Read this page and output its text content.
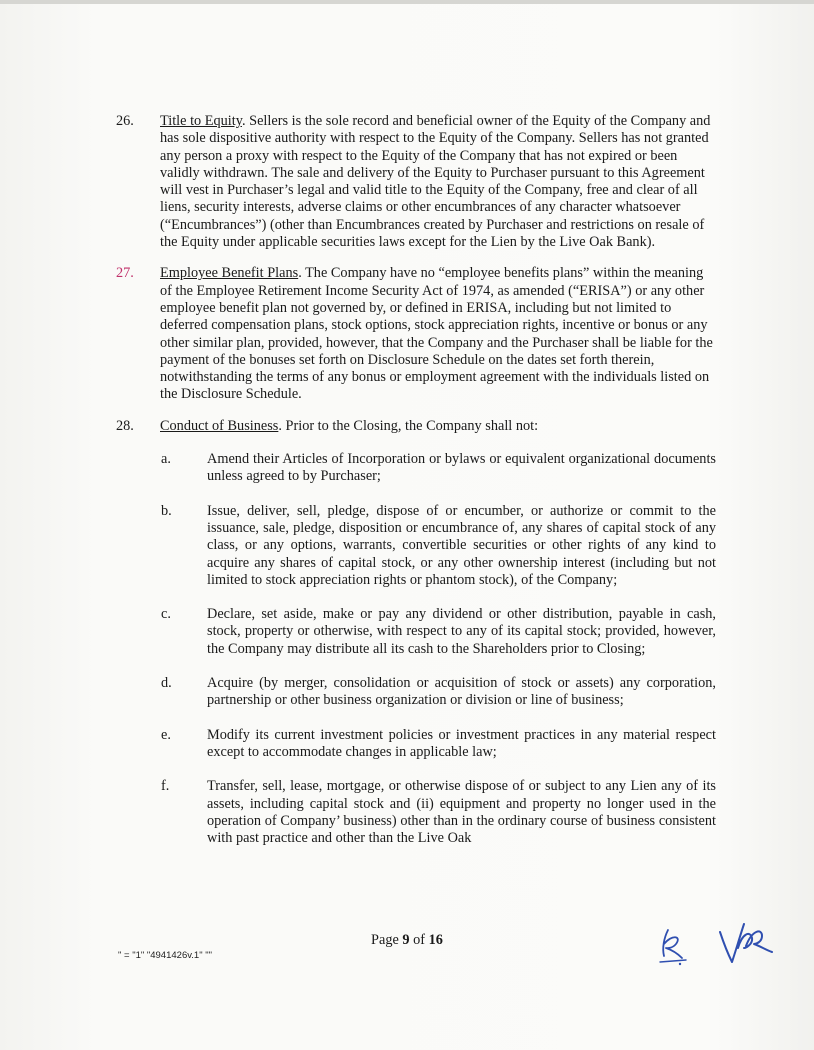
26.	Title to Equity. Sellers is the sole record and beneficial owner of the Equity of the Company and has sole dispositive authority with respect to the Equity of the Company. Sellers has not granted any person a proxy with respect to the Equity of the Company that has not expired or been validly withdrawn. The sale and delivery of the Equity to Purchaser pursuant to this Agreement will vest in Purchaser’s legal and valid title to the Equity of the Company, free and clear of all liens, security interests, adverse claims or other encumbrances of any character whatsoever (“Encumbrances”) (other than Encumbrances created by Purchaser and restrictions on resale of the Equity under applicable securities laws except for the Lien by the Live Oak Bank).
27.	Employee Benefit Plans. The Company have no “employee benefits plans” within the meaning of the Employee Retirement Income Security Act of 1974, as amended (“ERISA”) or any other employee benefit plan not governed by, or defined in ERISA, including but not limited to deferred compensation plans, stock options, stock appreciation rights, incentive or bonus or any other similar plan, provided, however, that the Company and the Purchaser shall be liable for the payment of the bonuses set forth on Disclosure Schedule on the dates set forth therein, notwithstanding the terms of any bonus or employment agreement with the individuals listed on the Disclosure Schedule.
28.	Conduct of Business. Prior to the Closing, the Company shall not:
a.	Amend their Articles of Incorporation or bylaws or equivalent organizational documents unless agreed to by Purchaser;
b.	Issue, deliver, sell, pledge, dispose of or encumber, or authorize or commit to the issuance, sale, pledge, disposition or encumbrance of, any shares of capital stock of any class, or any options, warrants, convertible securities or other rights of any kind to acquire any shares of capital stock, or any other ownership interest (including but not limited to stock appreciation rights or phantom stock), of the Company;
c.	Declare, set aside, make or pay any dividend or other distribution, payable in cash, stock, property or otherwise, with respect to any of its capital stock; provided, however, the Company may distribute all its cash to the Shareholders prior to Closing;
d.	Acquire (by merger, consolidation or acquisition of stock or assets) any corporation, partnership or other business organization or division or line of business;
e.	Modify its current investment policies or investment practices in any material respect except to accommodate changes in applicable law;
f.	Transfer, sell, lease, mortgage, or otherwise dispose of or subject to any Lien any of its assets, including capital stock and (ii) equipment and property no longer used in the operation of Company’ business) other than in the ordinary course of business consistent with past practice and other than the Live Oak
Page 9 of 16
" = "1" "4941426v.1" ""
